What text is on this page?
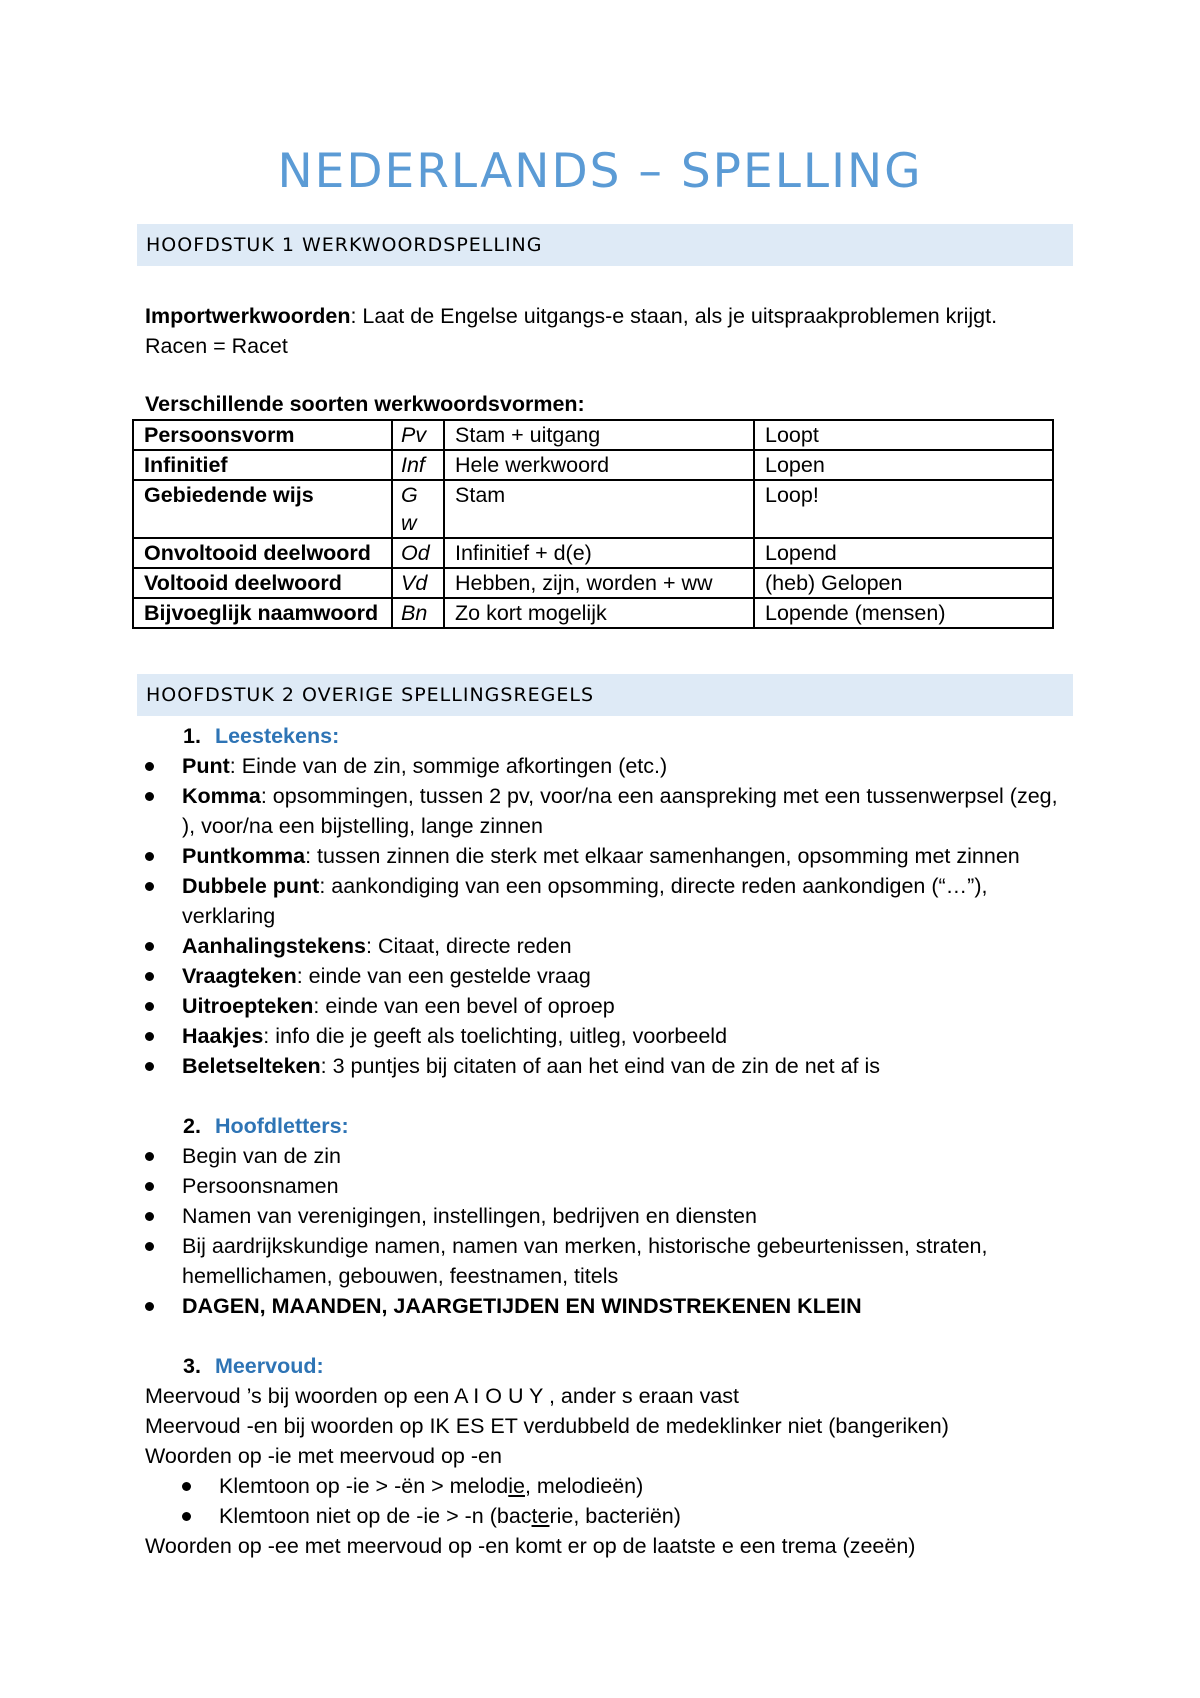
NEDERLANDS – SPELLING
HOOFDSTUK 1 WERKWOORDSPELLING
Importwerkwoorden: Laat de Engelse uitgangs-e staan, als je uitspraakproblemen krijgt.
Racen = Racet
Verschillende soorten werkwoordsvormen:
Persoonsvorm	Pv	Stam + uitgang	Loopt
Infinitief	Inf	Hele werkwoord	Lopen
Gebiedende wijs	G w	Stam	Loop!
Onvoltooid deelwoord	Od	Infinitief + d(e)	Lopend
Voltooid deelwoord	Vd	Hebben, zijn, worden + ww	(heb) Gelopen
Bijvoeglijk naamwoord	Bn	Zo kort mogelijk	Lopende (mensen)
HOOFDSTUK 2 OVERIGE SPELLINGSREGELS
1. Leestekens:
Punt: Einde van de zin, sommige afkortingen (etc.)
Komma: opsommingen, tussen 2 pv, voor/na een aanspreking met een tussenwerpsel (zeg, ), voor/na een bijstelling, lange zinnen
Puntkomma: tussen zinnen die sterk met elkaar samenhangen, opsomming met zinnen
Dubbele punt: aankondiging van een opsomming, directe reden aankondigen (“…”), verklaring
Aanhalingstekens: Citaat, directe reden
Vraagteken: einde van een gestelde vraag
Uitroepteken: einde van een bevel of oproep
Haakjes: info die je geeft als toelichting, uitleg, voorbeeld
Beletselteken: 3 puntjes bij citaten of aan het eind van de zin de net af is
2. Hoofdletters:
Begin van de zin
Persoonsnamen
Namen van verenigingen, instellingen, bedrijven en diensten
Bij aardrijkskundige namen, namen van merken, historische gebeurtenissen, straten, hemellichamen, gebouwen, feestnamen, titels
DAGEN, MAANDEN, JAARGETIJDEN EN WINDSTREKENEN KLEIN
3. Meervoud:
Meervoud ’s bij woorden op een A I O U Y , ander s eraan vast
Meervoud -en bij woorden op IK ES ET verdubbeld de medeklinker niet (bangeriken)
Woorden op -ie met meervoud op -en
Klemtoon op -ie > -ën > melodie, melodieën)
Klemtoon niet op de -ie > -n (bacterie, bacteriën)
Woorden op -ee met meervoud op -en komt er op de laatste e een trema (zeeën)
